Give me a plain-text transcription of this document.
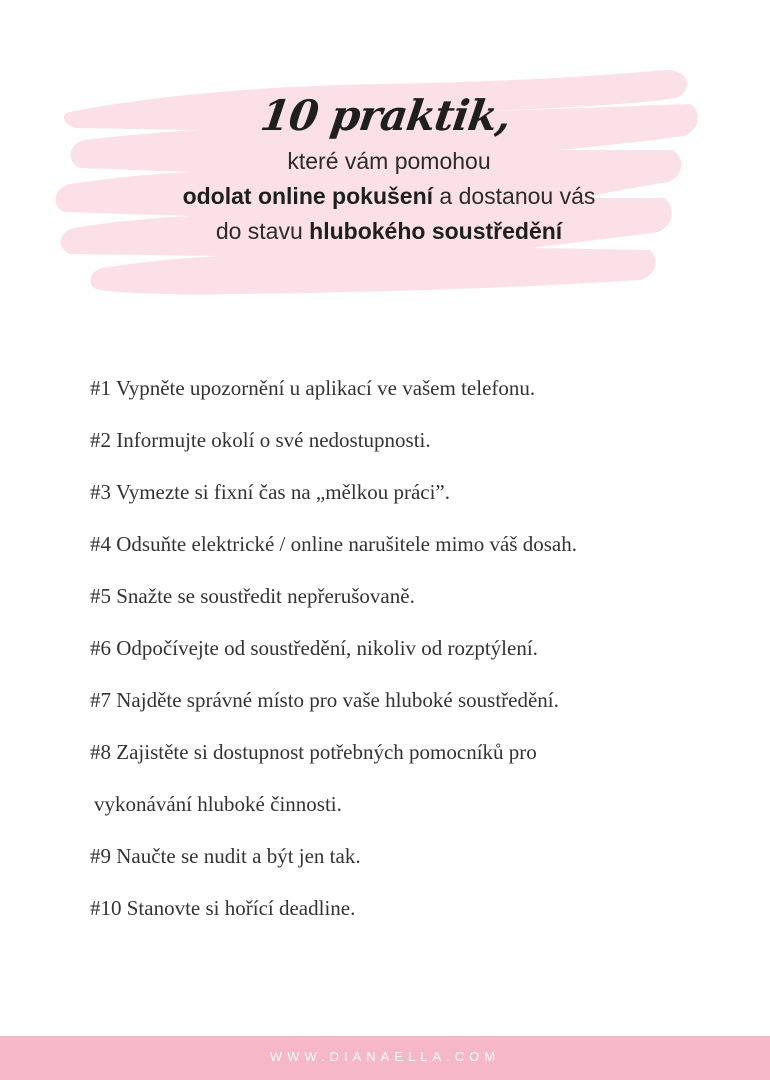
10 praktik,
které vám pomohou
odolat online pokušení a dostanou vás
do stavu hlubokého soustředění
#1 Vypněte upozornění u aplikací ve vašem telefonu.
#2 Informujte okolí o své nedostupnosti.
#3 Vymezte si fixní čas na „mělkou práci”.
#4 Odsuňte elektrické / online narušitele mimo váš dosah.
#5 Snažte se soustředit nepřerušovaně.
#6 Odpočívejte od soustředění, nikoliv od rozptýlení.
#7 Najděte správné místo pro vaše hluboké soustředění.
#8 Zajistěte si dostupnost potřebných pomocníků pro
vykonávání hluboké činnosti.
#9 Naučte se nudit a být jen tak.
#10 Stanovte si hořící deadline.
WWW.DIANAELLA.COM
